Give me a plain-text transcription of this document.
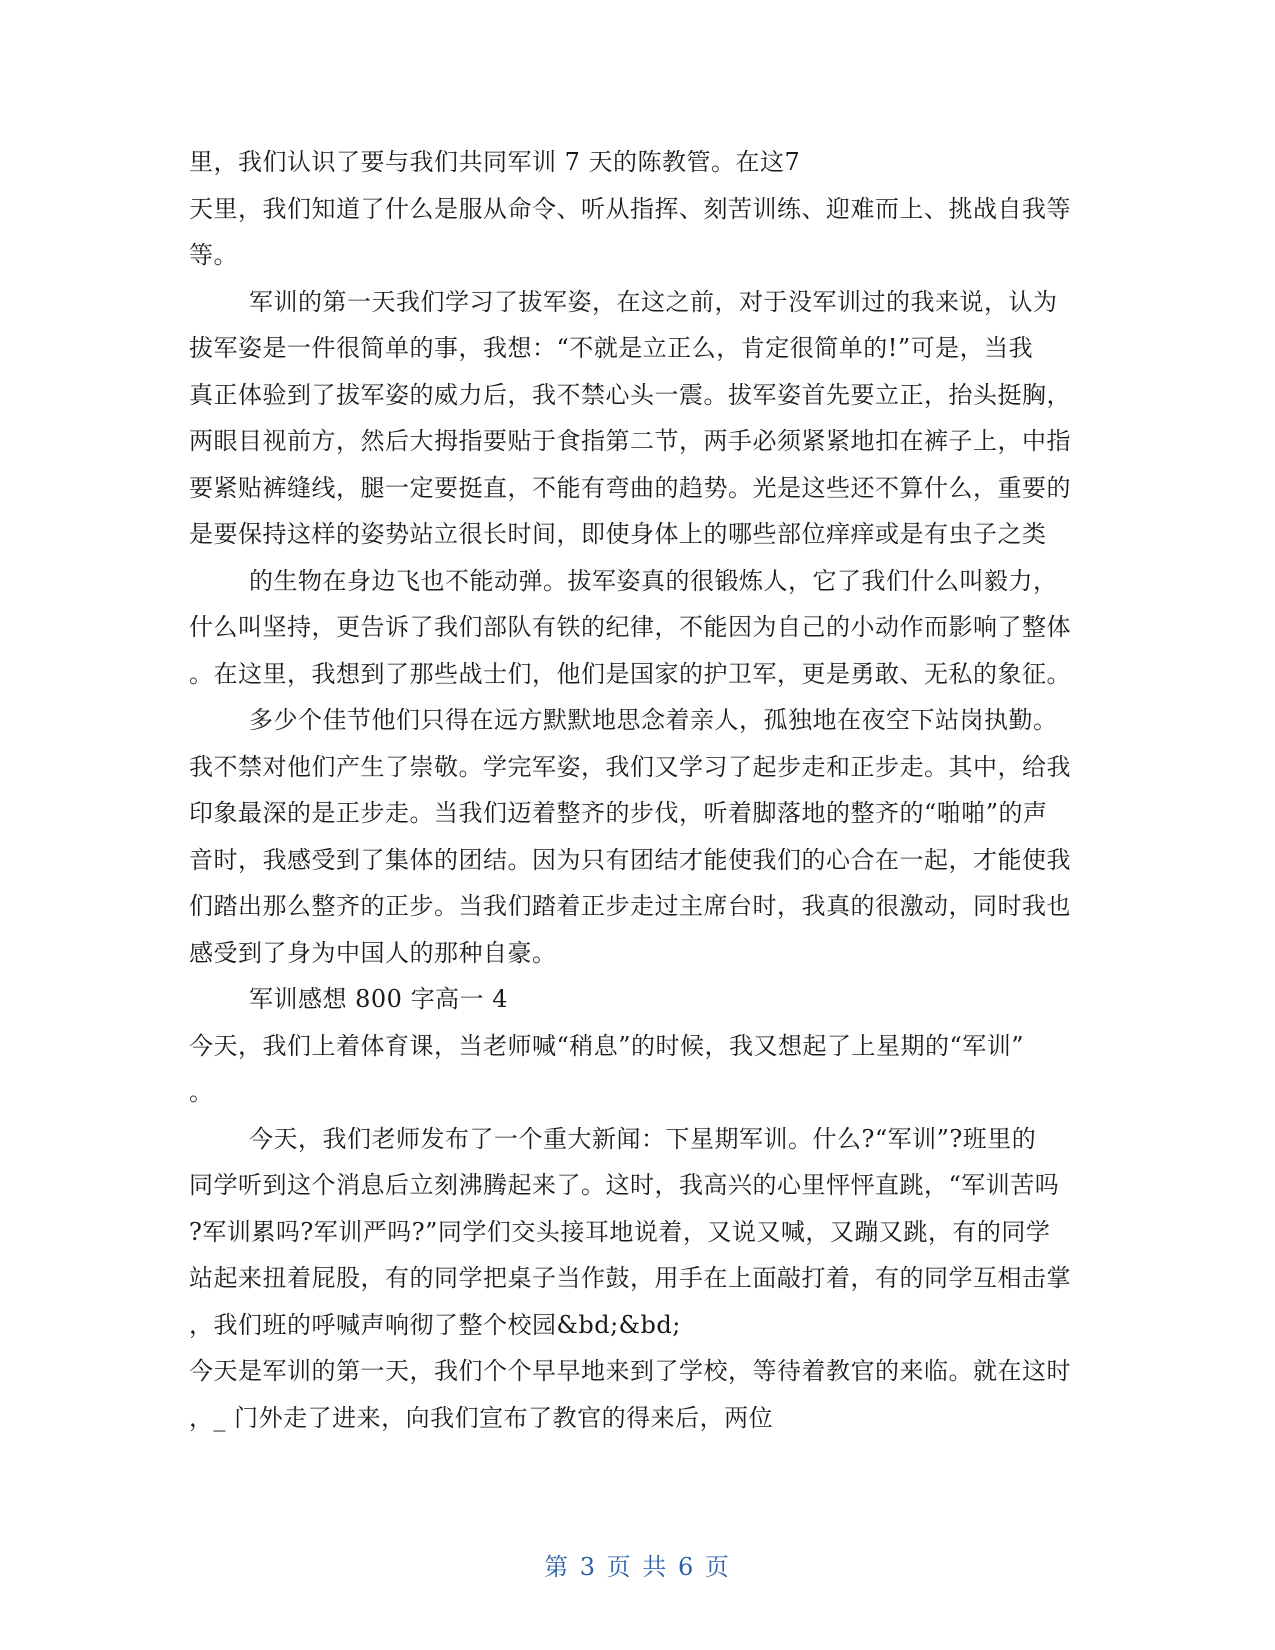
里，我们认识了要与我们共同军训 7 天的陈教管。在这7
天里，我们知道了什么是服从命令、听从指挥、刻苦训练、迎难而上、挑战自我等
等。
军训的第一天我们学习了拔军姿，在这之前，对于没军训过的我来说，认为
拔军姿是一件很简单的事，我想：“不就是立正么，肯定很简单的!”可是，当我
真正体验到了拔军姿的威力后，我不禁心头一震。拔军姿首先要立正，抬头挺胸，
两眼目视前方，然后大拇指要贴于食指第二节，两手必须紧紧地扣在裤子上，中指
要紧贴裤缝线，腿一定要挺直，不能有弯曲的趋势。光是这些还不算什么，重要的
是要保持这样的姿势站立很长时间，即使身体上的哪些部位痒痒或是有虫子之类
的生物在身边飞也不能动弹。拔军姿真的很锻炼人，它了我们什么叫毅力，
什么叫坚持，更告诉了我们部队有铁的纪律，不能因为自己的小动作而影响了整体
。在这里，我想到了那些战士们，他们是国家的护卫军，更是勇敢、无私的象征。
多少个佳节他们只得在远方默默地思念着亲人，孤独地在夜空下站岗执勤。
我不禁对他们产生了崇敬。学完军姿，我们又学习了起步走和正步走。其中，给我
印象最深的是正步走。当我们迈着整齐的步伐，听着脚落地的整齐的“啪啪”的声
音时，我感受到了集体的团结。因为只有团结才能使我们的心合在一起，才能使我
们踏出那么整齐的正步。当我们踏着正步走过主席台时，我真的很激动，同时我也
感受到了身为中国人的那种自豪。
军训感想 800 字高一 4
今天，我们上着体育课，当老师喊“稍息”的时候，我又想起了上星期的“军训”
。
今天，我们老师发布了一个重大新闻：下星期军训。什么?“军训”?班里的
同学听到这个消息后立刻沸腾起来了。这时，我高兴的心里怦怦直跳，“军训苦吗
?军训累吗?军训严吗?”同学们交头接耳地说着，又说又喊，又蹦又跳，有的同学
站起来扭着屁股，有的同学把桌子当作鼓，用手在上面敲打着，有的同学互相击掌
，我们班的呼喊声响彻了整个校园&bd;&bd;
今天是军训的第一天，我们个个早早地来到了学校，等待着教官的来临。就在这时
，_ 门外走了进来，向我们宣布了教官的得来后，两位
第 3 页 共 6 页
